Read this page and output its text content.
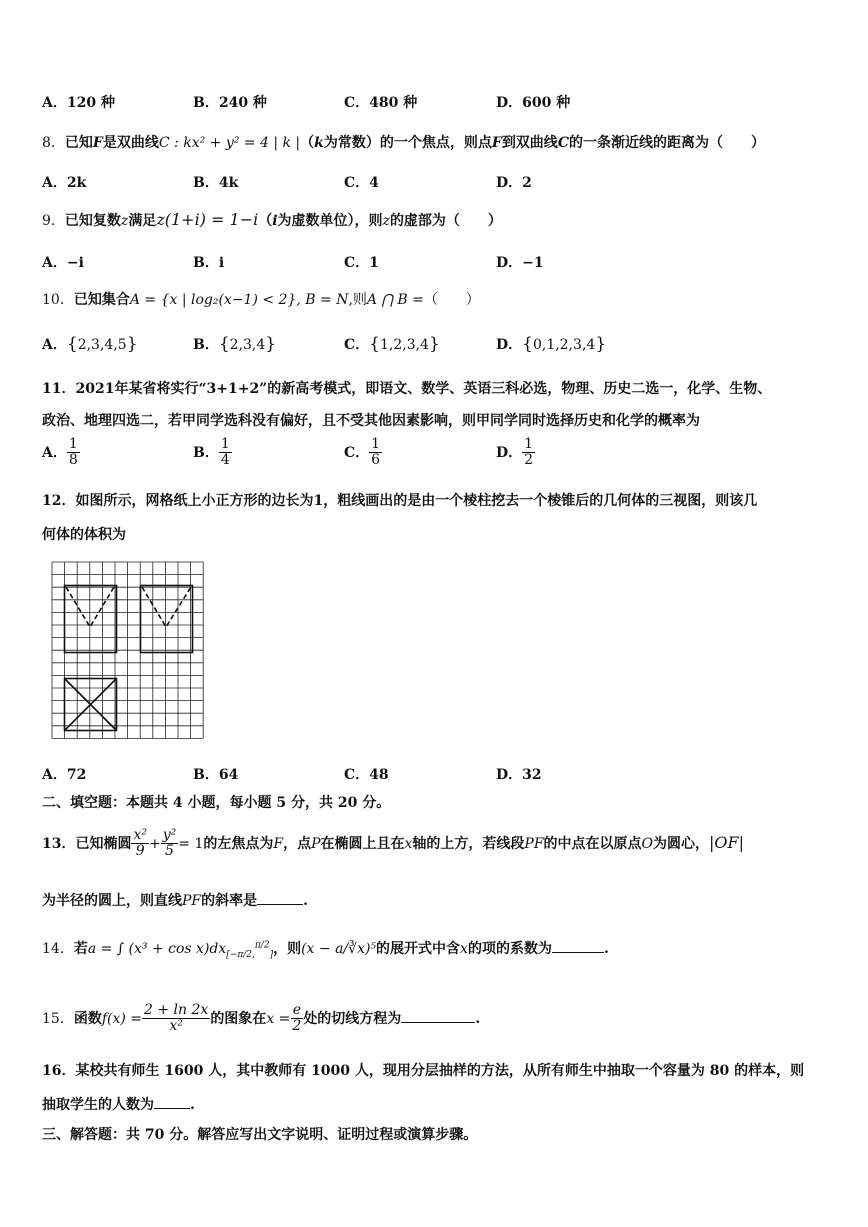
A．120 种	B．240 种	C．480 种	D．600 种
8．已知F是双曲线C : kx² + y² = 4 | k |（k为常数）的一个焦点，则点F到双曲线C的一条渐近线的距离为（　　）
A．2k	B．4k	C．4	D．2
9．已知复数z满足z(1+i) = 1−i（i为虚数单位），则z的虚部为（　　）
A．−i	B．i	C．1	D．−1
10．已知集合A = {x | log₂(x−1) < 2}, B = N,则A ⋂ B =（　　）
A．{2,3,4,5}	B．{2,3,4}	C．{1,2,3,4}	D．{0,1,2,3,4}
11．2021年某省将实行“3+1+2”的新高考模式，即语文、数学、英语三科必选，物理、历史二选一，化学、生物、
政治、地理四选二，若甲同学选科没有偏好，且不受其他因素影响，则甲同学同时选择历史和化学的概率为
A． $\frac{1}{8}$	B． $\frac{1}{4}$	C． $\frac{1}{6}$	D． $\frac{1}{2}$
12．如图所示，网格纸上小正方形的边长为1，粗线画出的是由一个棱柱挖去一个棱锥后的几何体的三视图，则该几
何体的体积为
A．72	B．64	C．48	D．32
二、填空题：本题共 4 小题，每小题 5 分，共 20 分。
13．已知椭圆 $\frac{\text{x²}}{9} + \frac{\text{y²}}{5} = 1$的左焦点为F，点P在椭圆上且在x轴的上方，若线段PF的中点在以原点O为圆心，|OF|
为半径的圆上，则直线PF的斜率是	.
14．若a = ∫ $(x^3 + \cos x)dx_{[-\pi/2,}^{\pi/2}_]$，则(x − a/∛x)⁵的展开式中含x的项的系数为	.
15．函数$f(x) = \frac{2 + \ln 2x}{\text{x²}}$ 的图象在$x = \frac{e}{2}$ 处的切线方程为	.
16．某校共有师生 1600 人，其中教师有 1000 人，现用分层抽样的方法，从所有师生中抽取一个容量为 80 的样本，则
抽取学生的人数为	.
三、解答题：共 70 分。解答应写出文字说明、证明过程或演算步骤。
